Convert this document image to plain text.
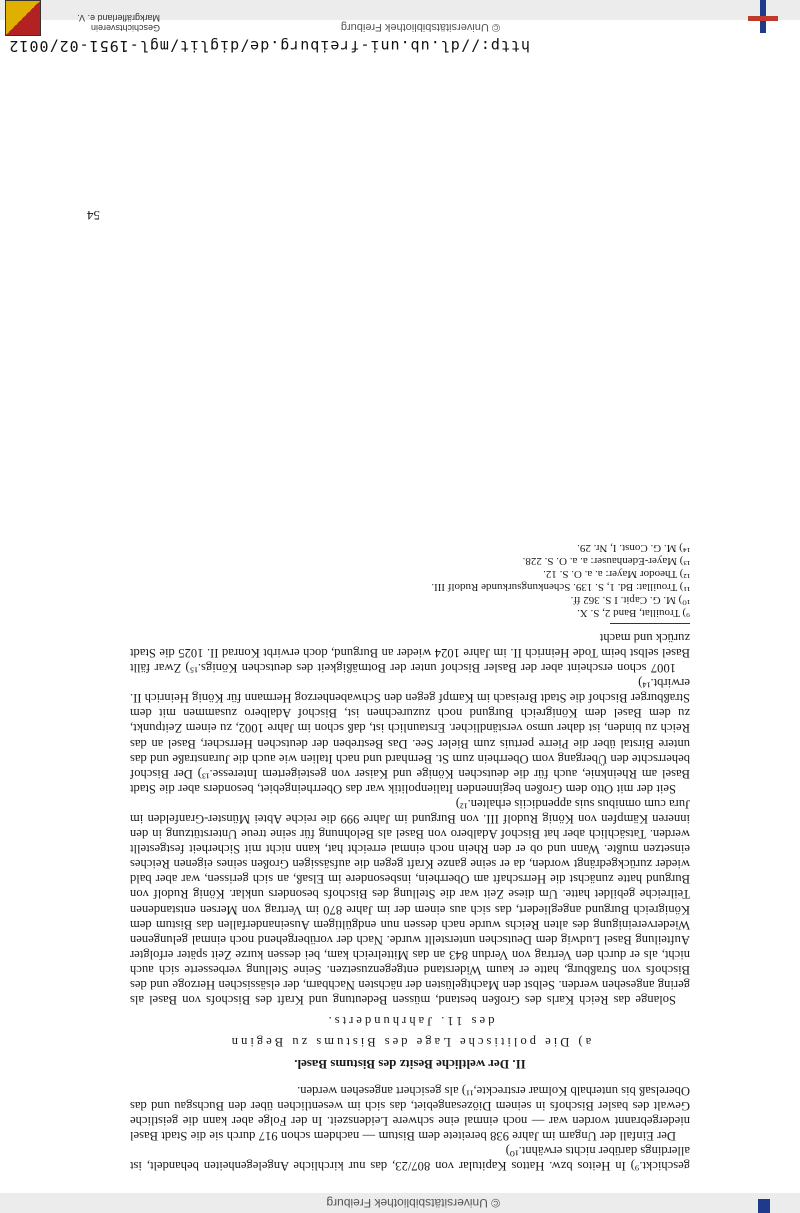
© Universitätsbibliothek Freiburg
Geschichtsverein Markgräflerland e. V.
© Universitätsbibliothek Freiburg
http://dl.ub.uni-freiburg.de/diglit/mgl-1951-02/0012

geschickt.⁹) In Heitos bzw. Hattos Kapitular von 807/23, das nur kirchliche Angelegenheiten behandelt, ist allerdings darüber nichts erwähnt.¹⁰)

Der Einfall der Ungarn im Jahre 938 bereitete dem Bistum — nachdem schon 917 durch sie die Stadt Basel niedergebrannt worden war — noch einmal eine schwere Leidenszeit. In der Folge aber kann die geistliche Gewalt des basler Bischofs in seinem Diözesangebiet, das sich im wesentlichen über den Buchsgau und das Oberelsaß bis unterhalb Kolmar erstreckte,¹¹) als gesichert angesehen werden.

II. Der weltliche Besitz des Bistums Basel.
a) Die politische Lage des Bistums zu Beginn
des 11. Jahrhunderts.

Solange das Reich Karls des Großen bestand, müssen Bedeutung und Kraft des Bischofs von Basel als gering angesehen werden. Selbst den Machtgelüsten der nächsten Nachbarn, der elsässischen Herzoge und des Bischofs von Straßburg, hatte er kaum Widerstand entgegenzusetzen. Seine Stellung verbesserte sich auch nicht, als er durch den Vertrag von Verdun 843 an das Mittelreich kam, bei dessen kurze Zeit später erfolgter Aufteilung Basel Ludwig dem Deutschen unterstellt wurde. Nach der vorübergehend noch einmal gelungenen Wiedervereinigung des alten Reichs wurde nach dessen nun endgültigem Auseinanderfallen das Bistum dem Königreich Burgund angegliedert, das sich aus einem der im Jahre 870 im Vertrag von Mersen entstandenen Teilreiche gebildet hatte. Um diese Zeit war die Stellung des Bischofs besonders unklar. König Rudolf von Burgund hatte zunächst die Herrschaft am Oberrhein, insbesondere im Elsaß, an sich gerissen, war aber bald wieder zurückgedrängt worden, da er seine ganze Kraft gegen die aufsässigen Großen seines eigenen Reiches einsetzen mußte. Wann und ob er den Rhein noch einmal erreicht hat, kann nicht mit Sicherheit festgestellt werden. Tatsächlich aber hat Bischof Adalbero von Basel als Belohnung für seine treue Unterstützung in den inneren Kämpfen von König Rudolf III. von Burgund im Jahre 999 die reiche Abtei Münster-Granfelden im Jura cum omnibus suis appendiciis erhalten.¹²)

Seit der mit Otto dem Großen beginnenden Italienpolitik war das Oberrheingebiet, besonders aber die Stadt Basel am Rheinknie, auch für die deutschen Könige und Kaiser von gesteigertem Interesse.¹³) Der Bischof beherrschte den Übergang vom Oberrhein zum St. Bernhard und nach Italien wie auch die Juranstraße und das untere Birstal über die Pierre pertuis zum Bieler See. Das Bestreben der deutschen Herrscher, Basel an das Reich zu binden, ist daher umso verständlicher. Erstaunlich ist, daß schon im Jahre 1002, zu einem Zeitpunkt, zu dem Basel dem Königreich Burgund noch zuzurechnen ist, Bischof Adalbero zusammen mit dem Straßburger Bischof die Stadt Breisach im Kampf gegen den Schwabenherzog Hermann für König Heinrich II. erwirbt.¹⁴)

1007 schon erscheint aber der Basler Bischof unter der Botmäßigkeit des deutschen Königs.¹⁵) Zwar fällt Basel selbst beim Tode Heinrich II. im Jahre 1024 wieder an Burgund, doch erwirbt Konrad II. 1025 die Stadt zurück und macht

⁹) Trouillat, Band 2, S. X.

¹⁰) M. G. Capit. I S. 362 ff.

¹¹) Trouillat: Bd. 1, S. 139. Schenkungsurkunde Rudolf III.

¹²) Theodor Mayer: a. a. O. S. 12.

¹³) Mayer-Edenhauser: a. a. O. S. 228.

¹⁴) M. G. Const. I, Nr. 29.

54
